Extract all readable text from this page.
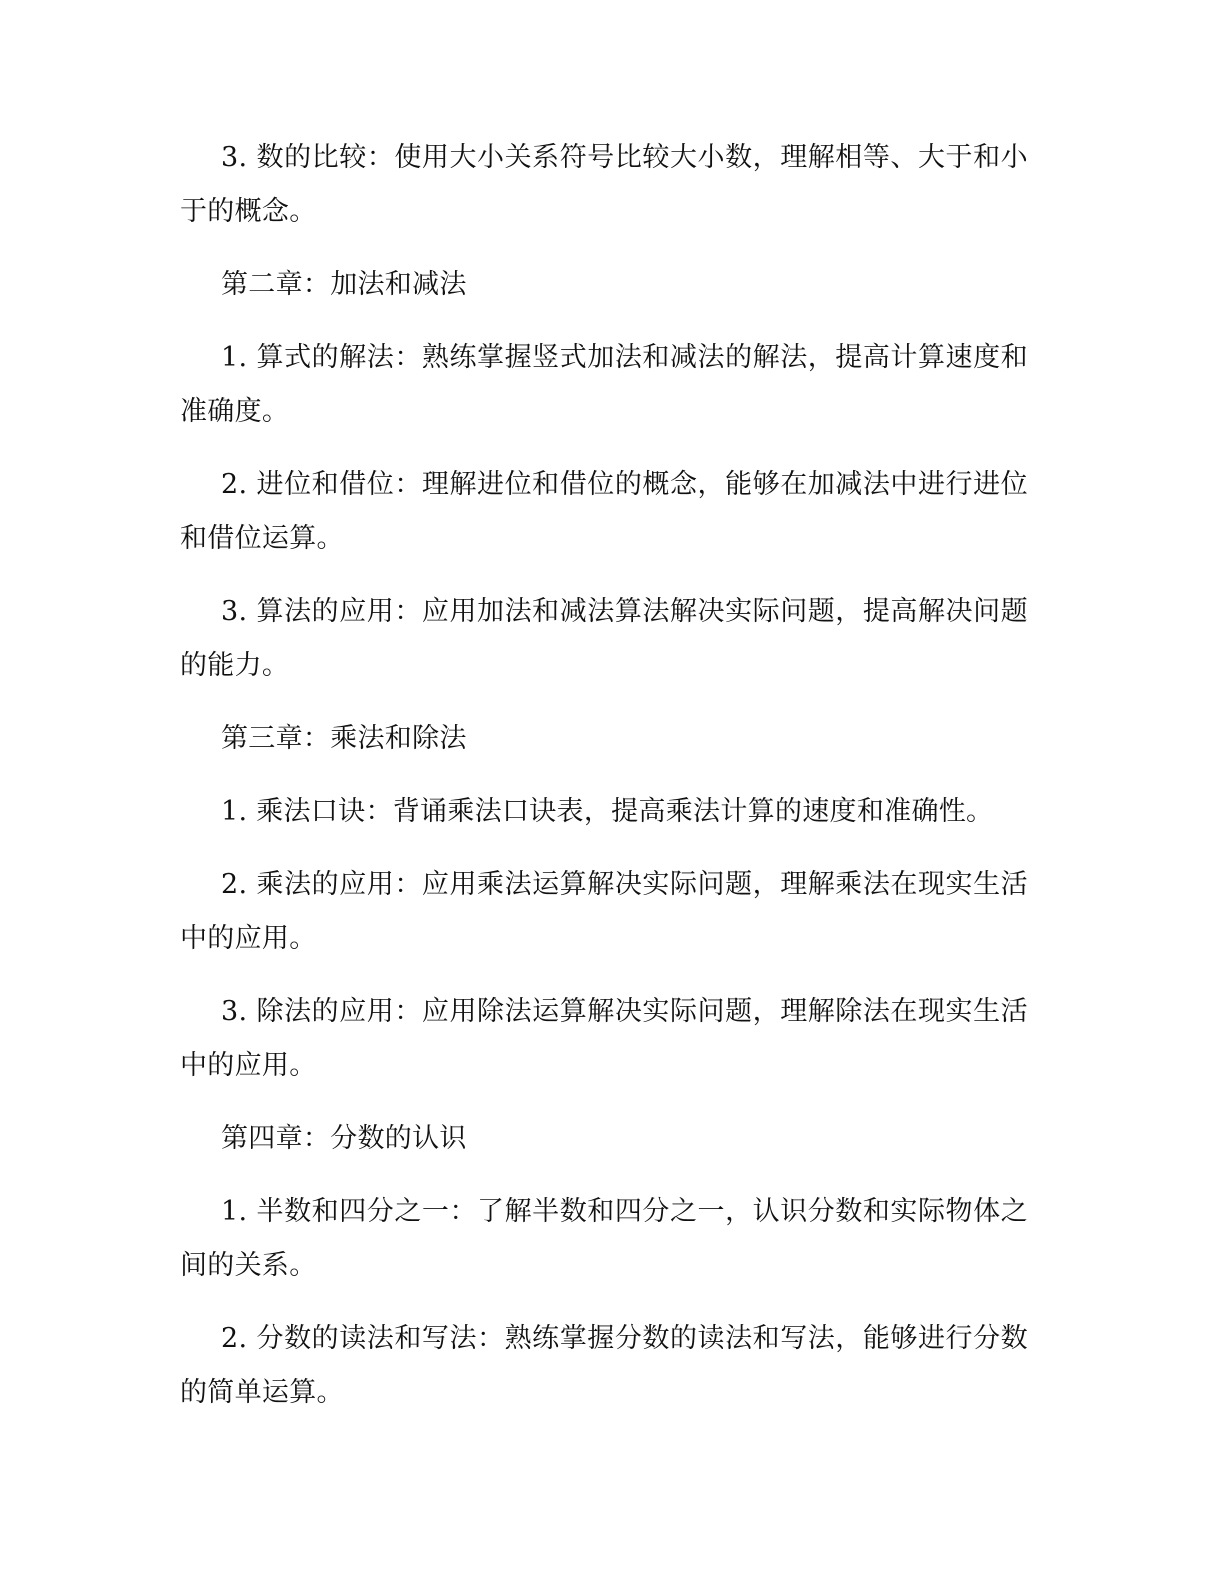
3. 数的比较：使用大小关系符号比较大小数，理解相等、大于和小于的概念。

第二章：加法和减法

1. 算式的解法：熟练掌握竖式加法和减法的解法，提高计算速度和准确度。

2. 进位和借位：理解进位和借位的概念，能够在加减法中进行进位和借位运算。

3. 算法的应用：应用加法和减法算法解决实际问题，提高解决问题的能力。

第三章：乘法和除法

1. 乘法口诀：背诵乘法口诀表，提高乘法计算的速度和准确性。

2. 乘法的应用：应用乘法运算解决实际问题，理解乘法在现实生活中的应用。

3. 除法的应用：应用除法运算解决实际问题，理解除法在现实生活中的应用。

第四章：分数的认识

1. 半数和四分之一：了解半数和四分之一，认识分数和实际物体之间的关系。

2. 分数的读法和写法：熟练掌握分数的读法和写法，能够进行分数的简单运算。
